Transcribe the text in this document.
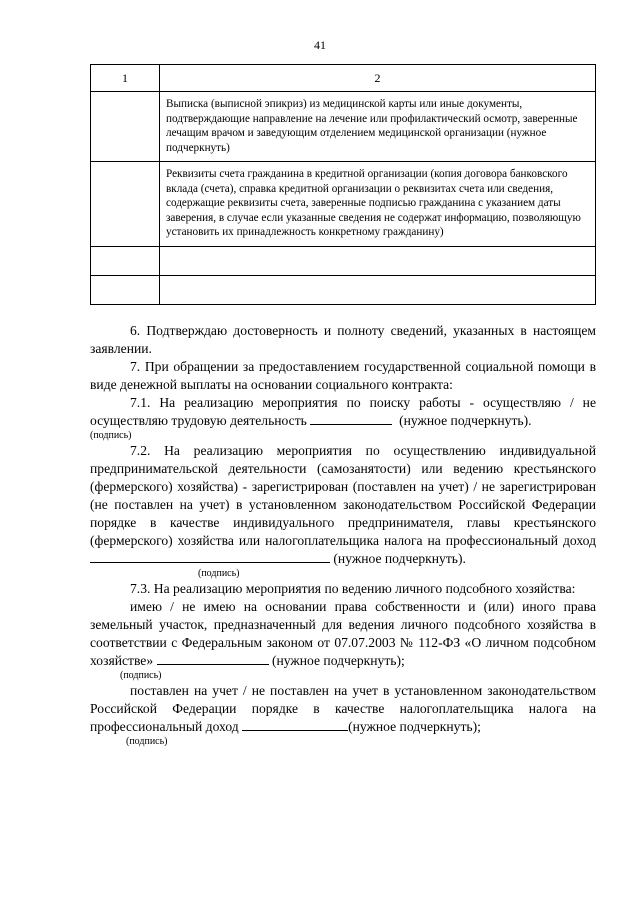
41
1	2
	Выписка (выписной эпикриз) из медицинской карты или иные документы, подтверждающие направление на лечение или профилактический осмотр, заверенные лечащим врачом и заведующим отделением медицинской организации (нужное подчеркнуть)
	Реквизиты счета гражданина в кредитной организации (копия договора банковского вклада (счета), справка кредитной организации о реквизитах счета или сведения, содержащие реквизиты счета, заверенные подписью гражданина с указанием даты заверения, в случае если указанные сведения не содержат информацию, позволяющую установить их принадлежность конкретному гражданину)

6. Подтверждаю достоверность и полноту сведений, указанных в настоящем заявлении.

7. При обращении за предоставлением государственной социальной помощи в виде денежной выплаты на основании социального контракта:

7.1. На реализацию мероприятия по поиску работы - осуществляю / не осуществляю трудовую деятельность	(нужное подчеркнуть).

(подпись)

7.2. На реализацию мероприятия по осуществлению индивидуальной предпринимательской деятельности (самозанятости) или ведению крестьянского (фермерского) хозяйства) - зарегистрирован (поставлен на учет) / не зарегистрирован (не поставлен на учет) в установленном законодательством Российской Федерации порядке в качестве индивидуального предпринимателя, главы крестьянского (фермерского) хозяйства или налогоплательщика налога на профессиональный доход  (нужное подчеркнуть).

(подпись)

7.3. На реализацию мероприятия по ведению личного подсобного хозяйства:

имею / не имею на основании права собственности и (или) иного права земельный участок, предназначенный для ведения личного подсобного хозяйства в соответствии с Федеральным законом от 07.07.2003 № 112-ФЗ «О личном подсобном хозяйстве»	(нужное подчеркнуть);

(подпись)

поставлен на учет / не поставлен на учет в установленном законодательством Российской Федерации порядке в качестве налогоплательщика налога на профессиональный доход	(нужное подчеркнуть);

(подпись)
